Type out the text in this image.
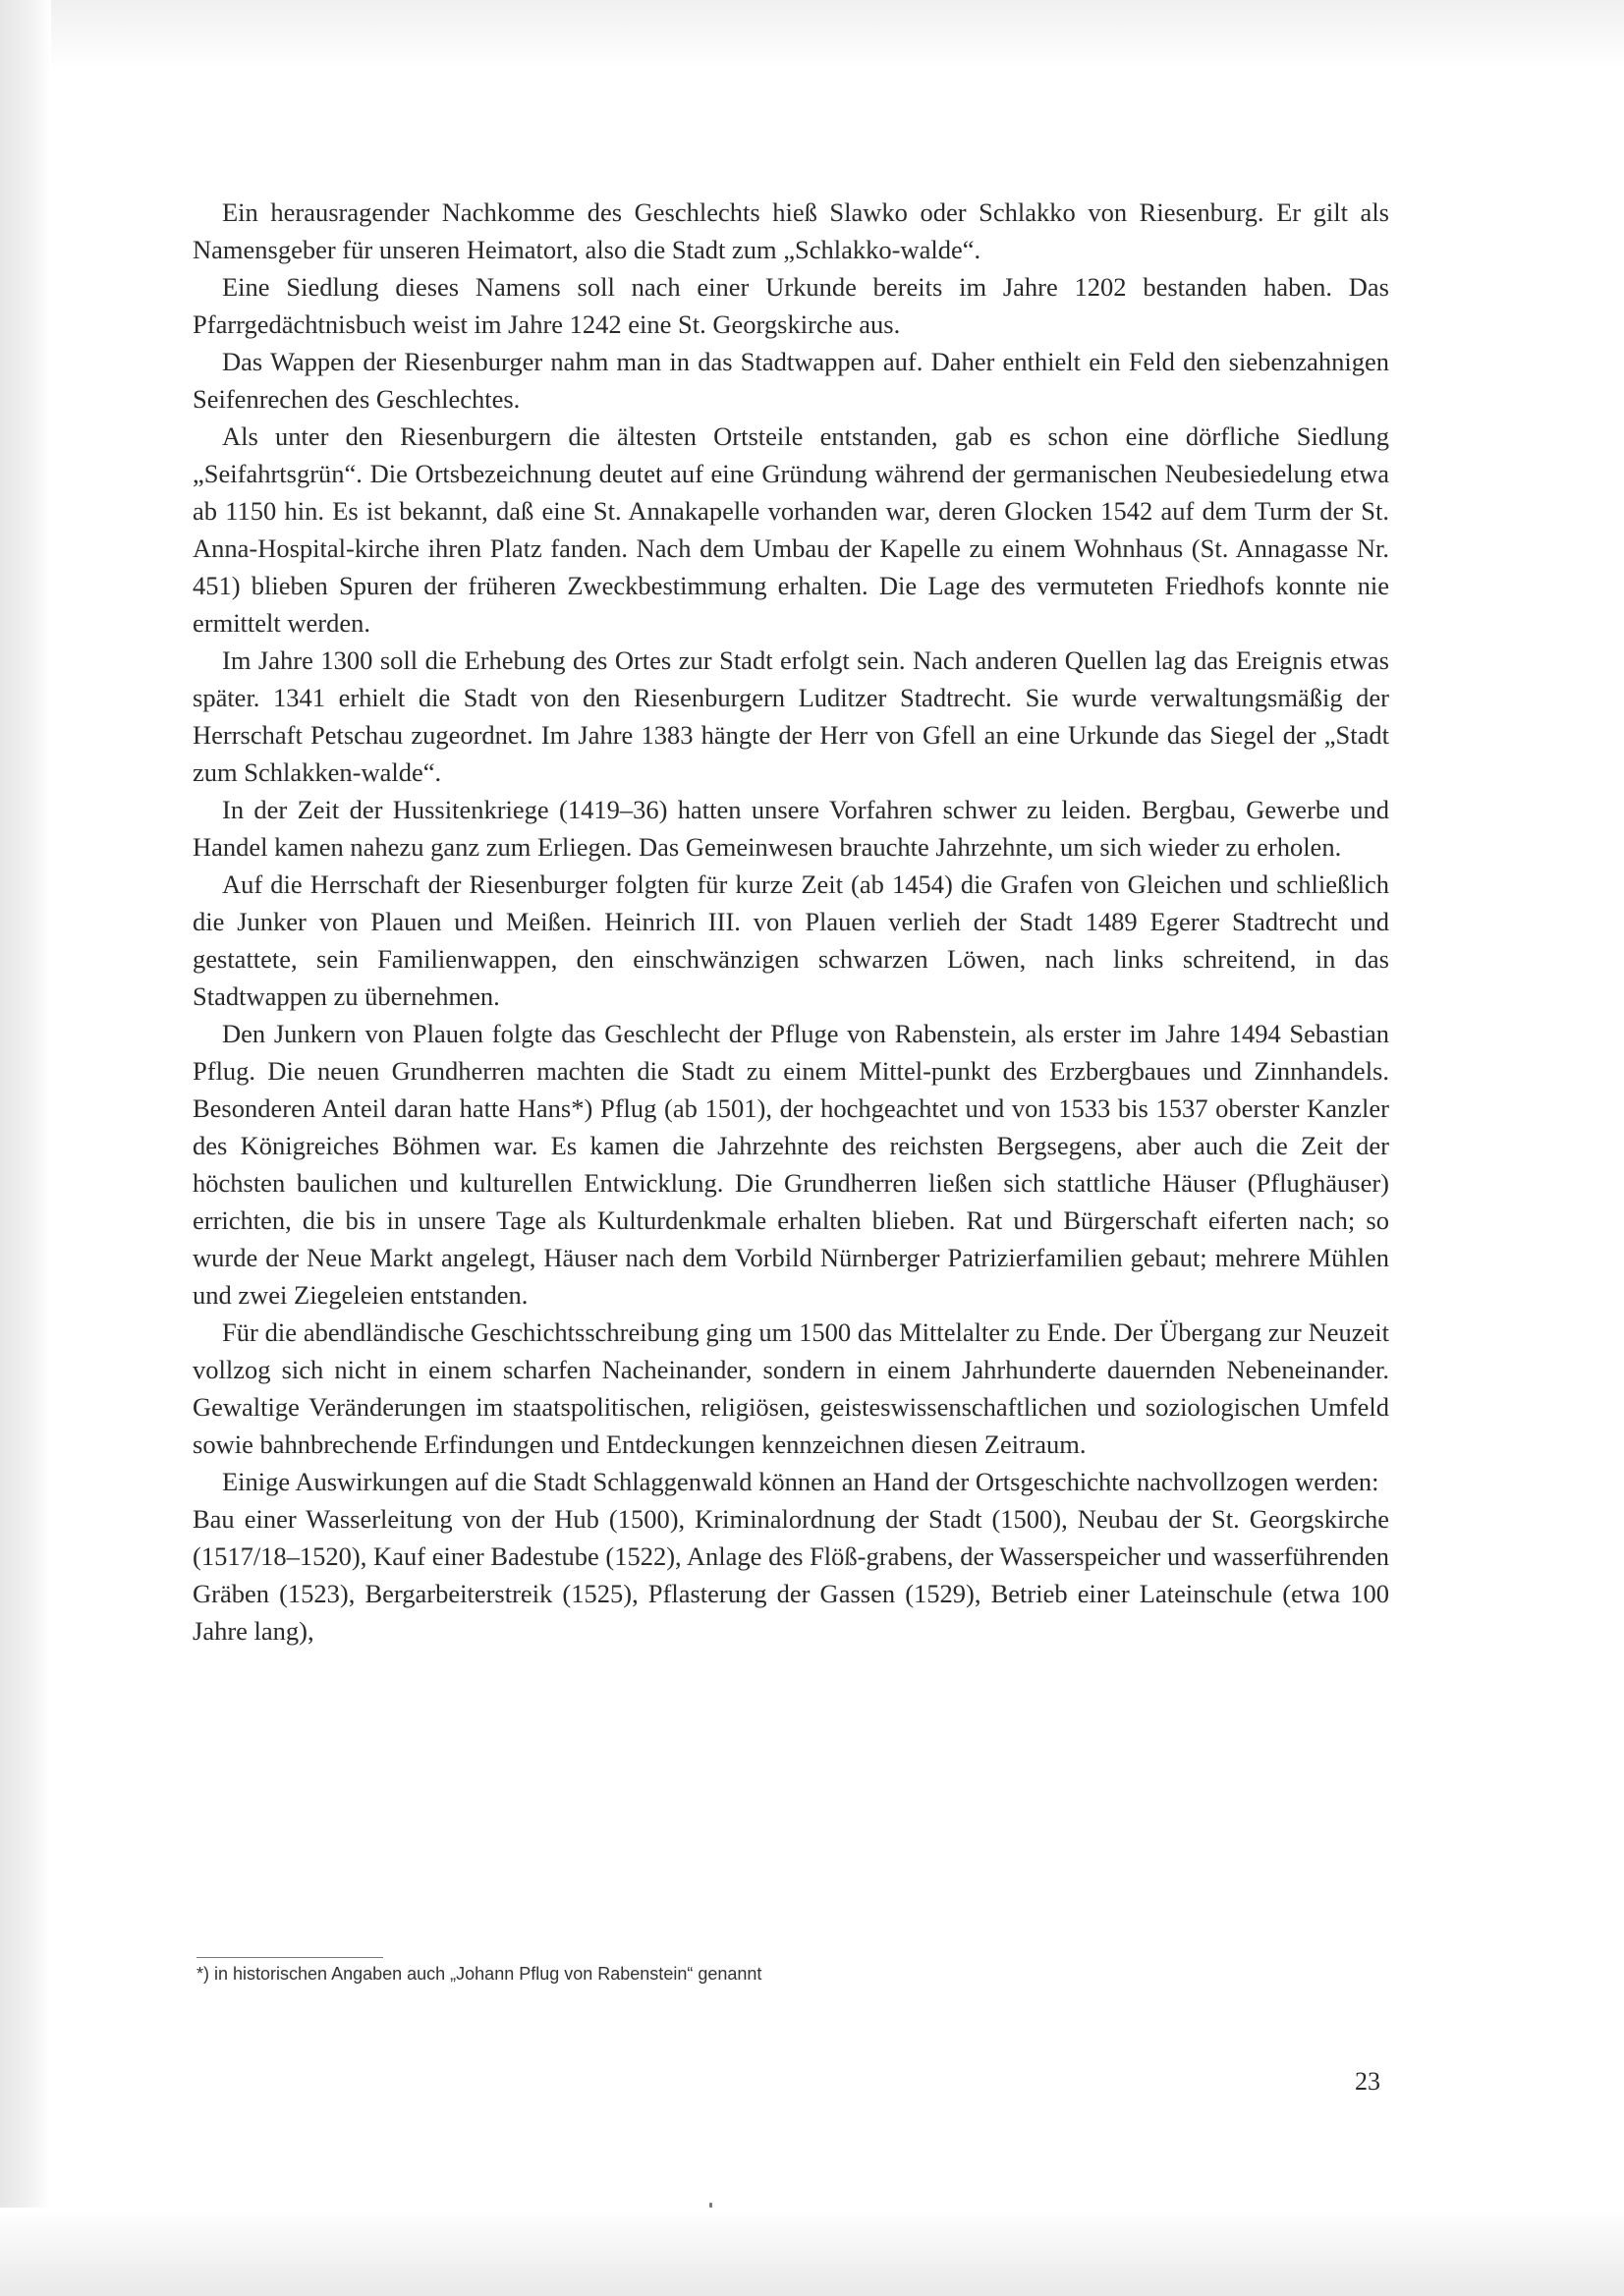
Ein herausragender Nachkomme des Geschlechts hieß Slawko oder Schlakko von Riesenburg. Er gilt als Namensgeber für unseren Heimatort, also die Stadt zum „Schlakko-walde“.

Eine Siedlung dieses Namens soll nach einer Urkunde bereits im Jahre 1202 bestanden haben. Das Pfarrgedächtnisbuch weist im Jahre 1242 eine St. Georgskirche aus.

Das Wappen der Riesenburger nahm man in das Stadtwappen auf. Daher enthielt ein Feld den siebenzahnigen Seifenrechen des Geschlechtes.

Als unter den Riesenburgern die ältesten Ortsteile entstanden, gab es schon eine dörfliche Siedlung „Seifahrtsgrün“. Die Ortsbezeichnung deutet auf eine Gründung während der germanischen Neubesiedelung etwa ab 1150 hin. Es ist bekannt, daß eine St. Annakapelle vorhanden war, deren Glocken 1542 auf dem Turm der St. Anna-Hospital-kirche ihren Platz fanden. Nach dem Umbau der Kapelle zu einem Wohnhaus (St. Annagasse Nr. 451) blieben Spuren der früheren Zweckbestimmung erhalten. Die Lage des vermuteten Friedhofs konnte nie ermittelt werden.

Im Jahre 1300 soll die Erhebung des Ortes zur Stadt erfolgt sein. Nach anderen Quellen lag das Ereignis etwas später. 1341 erhielt die Stadt von den Riesenburgern Luditzer Stadtrecht. Sie wurde verwaltungsmäßig der Herrschaft Petschau zugeordnet. Im Jahre 1383 hängte der Herr von Gfell an eine Urkunde das Siegel der „Stadt zum Schlakken-walde“.

In der Zeit der Hussitenkriege (1419–36) hatten unsere Vorfahren schwer zu leiden. Bergbau, Gewerbe und Handel kamen nahezu ganz zum Erliegen. Das Gemeinwesen brauchte Jahrzehnte, um sich wieder zu erholen.

Auf die Herrschaft der Riesenburger folgten für kurze Zeit (ab 1454) die Grafen von Gleichen und schließlich die Junker von Plauen und Meißen. Heinrich III. von Plauen verlieh der Stadt 1489 Egerer Stadtrecht und gestattete, sein Familienwappen, den einschwänzigen schwarzen Löwen, nach links schreitend, in das Stadtwappen zu übernehmen.

Den Junkern von Plauen folgte das Geschlecht der Pfluge von Rabenstein, als erster im Jahre 1494 Sebastian Pflug. Die neuen Grundherren machten die Stadt zu einem Mittel-punkt des Erzbergbaues und Zinnhandels. Besonderen Anteil daran hatte Hans*) Pflug (ab 1501), der hochgeachtet und von 1533 bis 1537 oberster Kanzler des Königreiches Böhmen war. Es kamen die Jahrzehnte des reichsten Bergsegens, aber auch die Zeit der höchsten baulichen und kulturellen Entwicklung. Die Grundherren ließen sich stattliche Häuser (Pflughäuser) errichten, die bis in unsere Tage als Kulturdenkmale erhalten blieben. Rat und Bürgerschaft eiferten nach; so wurde der Neue Markt angelegt, Häuser nach dem Vorbild Nürnberger Patrizierfamilien gebaut; mehrere Mühlen und zwei Ziegeleien entstanden.

Für die abendländische Geschichtsschreibung ging um 1500 das Mittelalter zu Ende. Der Übergang zur Neuzeit vollzog sich nicht in einem scharfen Nacheinander, sondern in einem Jahrhunderte dauernden Nebeneinander. Gewaltige Veränderungen im staatspolitischen, religiösen, geisteswissenschaftlichen und soziologischen Umfeld sowie bahnbrechende Erfindungen und Entdeckungen kennzeichnen diesen Zeitraum.

Einige Auswirkungen auf die Stadt Schlaggenwald können an Hand der Ortsgeschichte nachvollzogen werden:

Bau einer Wasserleitung von der Hub (1500), Kriminalordnung der Stadt (1500), Neubau der St. Georgskirche (1517/18–1520), Kauf einer Badestube (1522), Anlage des Flöß-grabens, der Wasserspeicher und wasserführenden Gräben (1523), Bergarbeiterstreik (1525), Pflasterung der Gassen (1529), Betrieb einer Lateinschule (etwa 100 Jahre lang),

*) in historischen Angaben auch „Johann Pflug von Rabenstein“ genannt
23
